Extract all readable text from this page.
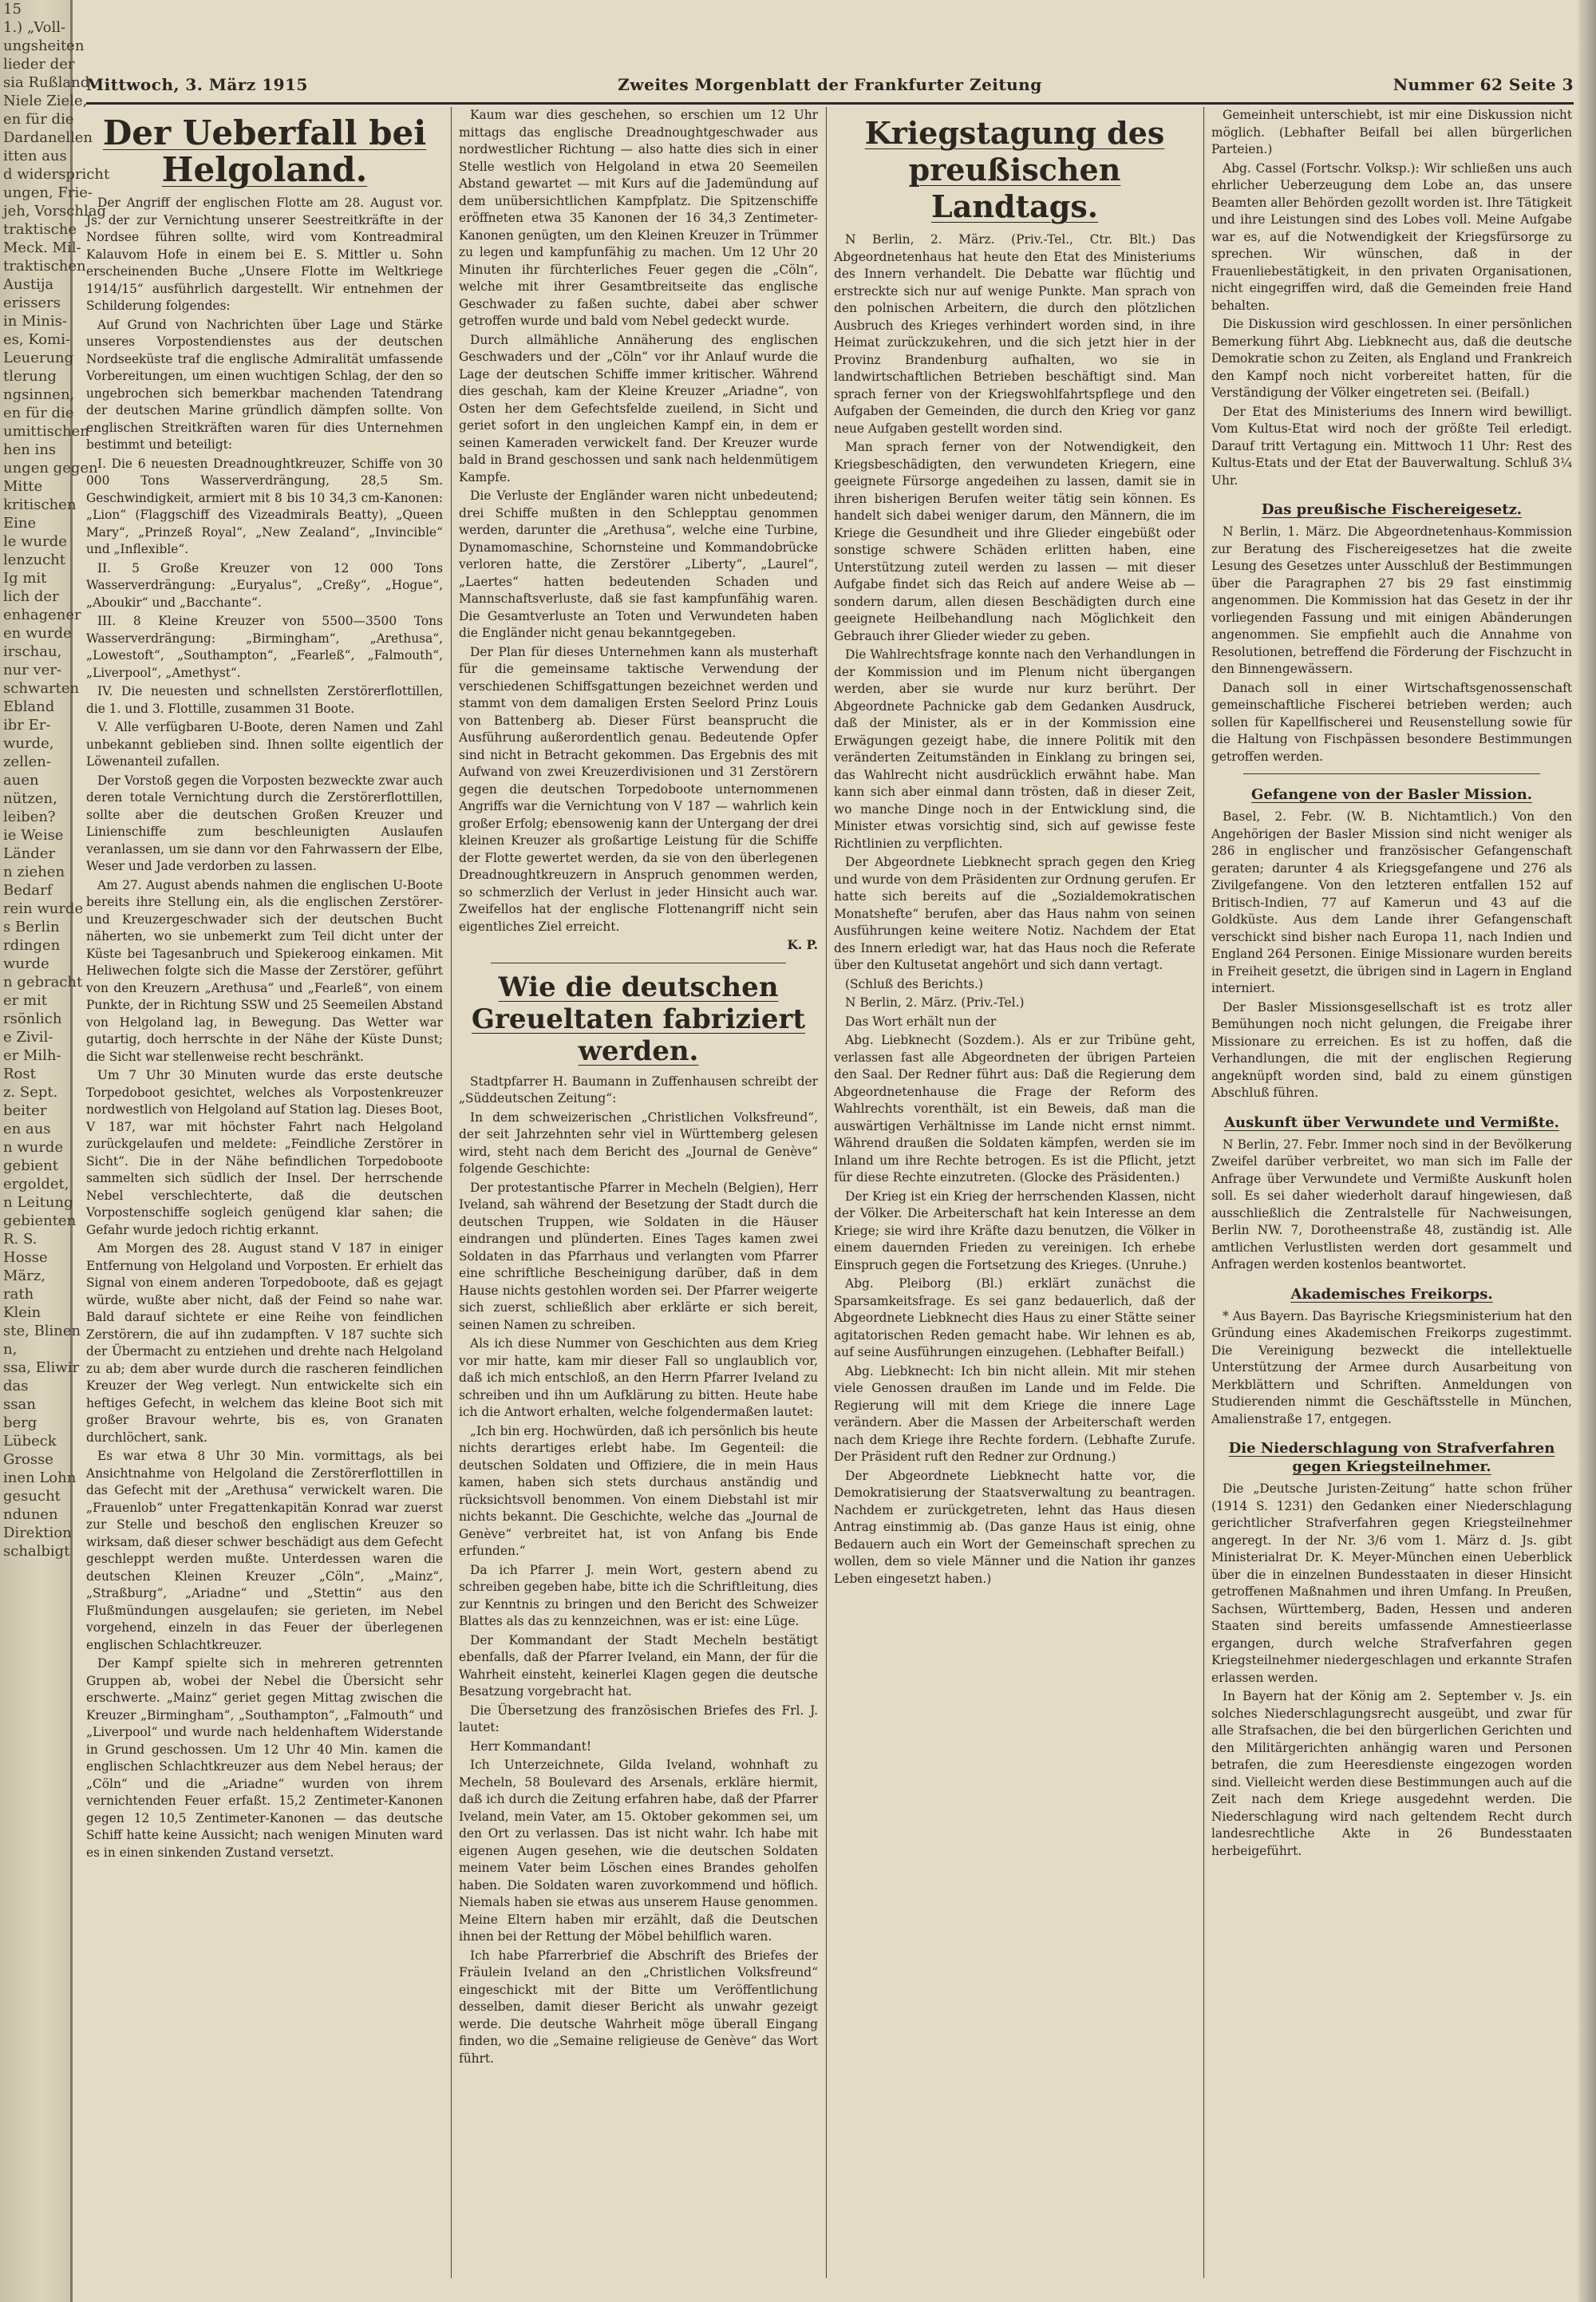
15
1.) „Voll-
ungsheiten
lieder der
sia Rußland
Niele Ziele,
en für die
Dardanellen
itten aus
d widerspricht
ungen, Frie-
jeh, Vorschlag
traktische
Meck. Mil-
traktischen
Austija
erissers
in Minis-
es, Komi-
Leuerung
tlerung
ngsinnen,
en für die
umittischen
hen ins
ungen gegen
Mitte
kritischen
Eine
le wurde
lenzucht
Ig mit
lich der
enhagener
en wurde
irschau,
nur ver-
schwarten
Ebland
ibr Er-
wurde,
zellen-
auen
nützen,
leiben?
ie Weise
Länder
n ziehen
Bedarf
rein wurde
s Berlin
rdingen
wurde
n gebracht
er mit
rsönlich
e Zivil-
er Milh-
Rost
z. Sept.
beiter
en aus
n wurde
gebient
ergoldet,
n Leitung
gebienten
R. S.
Hosse
März,
rath
Klein
ste, Blinen
n,
ssa, Eliwir
das
ssan
berg
Lübeck
Grosse
inen Lohn
gesucht
ndunen
Direktion
schalbigt
Mittwoch, 3. März 1915	Zweites Morgenblatt der Frankfurter Zeitung	Nummer 62 Seite 3
Der Ueberfall bei Helgoland.

Der Angriff der englischen Flotte am 28. August vor. Js. der zur Vernichtung unserer Seestreitkräfte in der Nordsee führen sollte, wird vom Kontreadmiral Kalauvom Hofe in einem bei E. S. Mittler u. Sohn erscheinenden Buche „Unsere Flotte im Weltkriege 1914/15“ ausführlich dargestellt. Wir entnehmen der Schilderung folgendes:

Auf Grund von Nachrichten über Lage und Stärke unseres Vorpostendienstes aus der deutschen Nordseeküste traf die englische Admiralität umfassende Vorbereitungen, um einen wuchtigen Schlag, der den so ungebrochen sich bemerkbar machenden Tatendrang der deutschen Marine gründlich dämpfen sollte. Von englischen Streitkräften waren für dies Unternehmen bestimmt und beteiligt:

I. Die 6 neuesten Dreadnoughtkreuzer, Schiffe von 30 000 Tons Wasserverdrängung, 28,5 Sm. Geschwindigkeit, armiert mit 8 bis 10 34,3 cm-Kanonen: „Lion“ (Flaggschiff des Vizeadmirals Beatty), „Queen Mary“, „Prinzeß Royal“, „New Zealand“, „Invincible“ und „Inflexible“.

II. 5 Große Kreuzer von 12 000 Tons Wasserverdrängung: „Euryalus“, „Creßy“, „Hogue“, „Aboukir“ und „Bacchante“.

III. 8 Kleine Kreuzer von 5500—3500 Tons Wasserverdrängung: „Birmingham“, „Arethusa“, „Lowestoft“, „Southampton“, „Fearleß“, „Falmouth“, „Liverpool“, „Amethyst“.

IV. Die neuesten und schnellsten Zerstörerflottillen, die 1. und 3. Flottille, zusammen 31 Boote.

V. Alle verfügbaren U-Boote, deren Namen und Zahl unbekannt geblieben sind. Ihnen sollte eigentlich der Löwenanteil zufallen.

Der Vorstoß gegen die Vorposten bezweckte zwar auch deren totale Vernichtung durch die Zerstörerflottillen, sollte aber die deutschen Großen Kreuzer und Linienschiffe zum beschleunigten Auslaufen veranlassen, um sie dann vor den Fahrwassern der Elbe, Weser und Jade verdorben zu lassen.

Am 27. August abends nahmen die englischen U-Boote bereits ihre Stellung ein, als die englischen Zerstörer- und Kreuzergeschwader sich der deutschen Bucht näherten, wo sie unbemerkt zum Teil dicht unter der Küste bei Tagesanbruch und Spiekeroog einkamen. Mit Heliwechen folgte sich die Masse der Zerstörer, geführt von den Kreuzern „Arethusa“ und „Fearleß“, von einem Punkte, der in Richtung SSW und 25 Seemeilen Abstand von Helgoland lag, in Bewegung. Das Wetter war gutartig, doch herrschte in der Nähe der Küste Dunst; die Sicht war stellenweise recht beschränkt.

Um 7 Uhr 30 Minuten wurde das erste deutsche Torpedoboot gesichtet, welches als Vorpostenkreuzer nordwestlich von Helgoland auf Station lag. Dieses Boot, V 187, war mit höchster Fahrt nach Helgoland zurückgelaufen und meldete: „Feindliche Zerstörer in Sicht“. Die in der Nähe befindlichen Torpedoboote sammelten sich südlich der Insel. Der herrschende Nebel verschlechterte, daß die deutschen Vorpostenschiffe sogleich genügend klar sahen; die Gefahr wurde jedoch richtig erkannt.

Am Morgen des 28. August stand V 187 in einiger Entfernung von Helgoland und Vorposten. Er erhielt das Signal von einem anderen Torpedoboote, daß es gejagt würde, wußte aber nicht, daß der Feind so nahe war. Bald darauf sichtete er eine Reihe von feindlichen Zerstörern, die auf ihn zudampften. V 187 suchte sich der Übermacht zu entziehen und drehte nach Helgoland zu ab; dem aber wurde durch die rascheren feindlichen Kreuzer der Weg verlegt. Nun entwickelte sich ein heftiges Gefecht, in welchem das kleine Boot sich mit großer Bravour wehrte, bis es, von Granaten durchlöchert, sank.

Es war etwa 8 Uhr 30 Min. vormittags, als bei Ansichtnahme von Helgoland die Zerstörerflottillen in das Gefecht mit der „Arethusa“ verwickelt waren. Die „Frauenlob“ unter Fregattenkapitän Konrad war zuerst zur Stelle und beschoß den englischen Kreuzer so wirksam, daß dieser schwer beschädigt aus dem Gefecht geschleppt werden mußte. Unterdessen waren die deutschen Kleinen Kreuzer „Cöln“, „Mainz“, „Straßburg“, „Ariadne“ und „Stettin“ aus den Flußmündungen ausgelaufen; sie gerieten, im Nebel vorgehend, einzeln in das Feuer der überlegenen englischen Schlachtkreuzer.

Der Kampf spielte sich in mehreren getrennten Gruppen ab, wobei der Nebel die Übersicht sehr erschwerte. „Mainz“ geriet gegen Mittag zwischen die Kreuzer „Birmingham“, „Southampton“, „Falmouth“ und „Liverpool“ und wurde nach heldenhaftem Widerstande in Grund geschossen. Um 12 Uhr 40 Min. kamen die englischen Schlachtkreuzer aus dem Nebel heraus; der „Cöln“ und die „Ariadne“ wurden von ihrem vernichtenden Feuer erfaßt. 15,2 Zentimeter-Kanonen gegen 12 10,5 Zentimeter-Kanonen — das deutsche Schiff hatte keine Aussicht; nach wenigen Minuten ward es in einen sinkenden Zustand versetzt.

Kaum war dies geschehen, so erschien um 12 Uhr mittags das englische Dreadnoughtgeschwader aus nordwestlicher Richtung — also hatte dies sich in einer Stelle westlich von Helgoland in etwa 20 Seemeilen Abstand gewartet — mit Kurs auf die Jademündung auf dem unübersichtlichen Kampfplatz. Die Spitzenschiffe eröffneten etwa 35 Kanonen der 16 34,3 Zentimeter-Kanonen genügten, um den Kleinen Kreuzer in Trümmer zu legen und kampfunfähig zu machen. Um 12 Uhr 20 Minuten ihr fürchterliches Feuer gegen die „Cöln“, welche mit ihrer Gesamtbreitseite das englische Geschwader zu faßen suchte, dabei aber schwer getroffen wurde und bald vom Nebel gedeckt wurde.

Durch allmähliche Annäherung des englischen Geschwaders und der „Cöln“ vor ihr Anlauf wurde die Lage der deutschen Schiffe immer kritischer. Während dies geschah, kam der Kleine Kreuzer „Ariadne“, von Osten her dem Gefechtsfelde zueilend, in Sicht und geriet sofort in den ungleichen Kampf ein, in dem er seinen Kameraden verwickelt fand. Der Kreuzer wurde bald in Brand geschossen und sank nach heldenmütigem Kampfe.

Die Verluste der Engländer waren nicht unbedeutend; drei Schiffe mußten in den Schlepptau genommen werden, darunter die „Arethusa“, welche eine Turbine, Dynamomaschine, Schornsteine und Kommandobrücke verloren hatte, die Zerstörer „Liberty“, „Laurel“, „Laertes“ hatten bedeutenden Schaden und Mannschaftsverluste, daß sie fast kampfunfähig waren. Die Gesamtverluste an Toten und Verwundeten haben die Engländer nicht genau bekanntgegeben.

Der Plan für dieses Unternehmen kann als musterhaft für die gemeinsame taktische Verwendung der verschiedenen Schiffsgattungen bezeichnet werden und stammt von dem damaligen Ersten Seelord Prinz Louis von Battenberg ab. Dieser Fürst beansprucht die Ausführung außerordentlich genau. Bedeutende Opfer sind nicht in Betracht gekommen. Das Ergebnis des mit Aufwand von zwei Kreuzerdivisionen und 31 Zerstörern gegen die deutschen Torpedoboote unternommenen Angriffs war die Vernichtung von V 187 — wahrlich kein großer Erfolg; ebensowenig kann der Untergang der drei kleinen Kreuzer als großartige Leistung für die Schiffe der Flotte gewertet werden, da sie von den überlegenen Dreadnoughtkreuzern in Anspruch genommen werden, so schmerzlich der Verlust in jeder Hinsicht auch war. Zweifellos hat der englische Flottenangriff nicht sein eigentliches Ziel erreicht.

K. P.

Wie die deutschen Greueltaten fabriziert werden.

Stadtpfarrer H. Baumann in Zuffenhausen schreibt der „Süddeutschen Zeitung“:

In dem schweizerischen „Christlichen Volksfreund“, der seit Jahrzehnten sehr viel in Württemberg gelesen wird, steht nach dem Bericht des „Journal de Genève“ folgende Geschichte:

Der protestantische Pfarrer in Mecheln (Belgien), Herr Iveland, sah während der Besetzung der Stadt durch die deutschen Truppen, wie Soldaten in die Häuser eindrangen und plünderten. Eines Tages kamen zwei Soldaten in das Pfarrhaus und verlangten vom Pfarrer eine schriftliche Bescheinigung darüber, daß in dem Hause nichts gestohlen worden sei. Der Pfarrer weigerte sich zuerst, schließlich aber erklärte er sich bereit, seinen Namen zu schreiben.

Als ich diese Nummer von Geschichten aus dem Krieg vor mir hatte, kam mir dieser Fall so unglaublich vor, daß ich mich entschloß, an den Herrn Pfarrer Iveland zu schreiben und ihn um Aufklärung zu bitten. Heute habe ich die Antwort erhalten, welche folgendermaßen lautet:

„Ich bin erg. Hochwürden, daß ich persönlich bis heute nichts derartiges erlebt habe. Im Gegenteil: die deutschen Soldaten und Offiziere, die in mein Haus kamen, haben sich stets durchaus anständig und rücksichtsvoll benommen. Von einem Diebstahl ist mir nichts bekannt. Die Geschichte, welche das „Journal de Genève“ verbreitet hat, ist von Anfang bis Ende erfunden.“

Da ich Pfarrer J. mein Wort, gestern abend zu schreiben gegeben habe, bitte ich die Schriftleitung, dies zur Kenntnis zu bringen und den Bericht des Schweizer Blattes als das zu kennzeichnen, was er ist: eine Lüge.

Der Kommandant der Stadt Mecheln bestätigt ebenfalls, daß der Pfarrer Iveland, ein Mann, der für die Wahrheit einsteht, keinerlei Klagen gegen die deutsche Besatzung vorgebracht hat.

Die Übersetzung des französischen Briefes des Frl. J. lautet:

Herr Kommandant!

Ich Unterzeichnete, Gilda Iveland, wohnhaft zu Mecheln, 58 Boulevard des Arsenals, erkläre hiermit, daß ich durch die Zeitung erfahren habe, daß der Pfarrer Iveland, mein Vater, am 15. Oktober gekommen sei, um den Ort zu verlassen. Das ist nicht wahr. Ich habe mit eigenen Augen gesehen, wie die deutschen Soldaten meinem Vater beim Löschen eines Brandes geholfen haben. Die Soldaten waren zuvorkommend und höflich. Niemals haben sie etwas aus unserem Hause genommen. Meine Eltern haben mir erzählt, daß die Deutschen ihnen bei der Rettung der Möbel behilflich waren.

Ich habe Pfarrerbrief die Abschrift des Briefes der Fräulein Iveland an den „Christlichen Volksfreund“ eingeschickt mit der Bitte um Veröffentlichung desselben, damit dieser Bericht als unwahr gezeigt werde. Die deutsche Wahrheit möge überall Eingang finden, wo die „Semaine religieuse de Genève“ das Wort führt.

Kriegstagung des preußischen Landtags.

N Berlin, 2. März. (Priv.-Tel., Ctr. Blt.) Das Abgeordnetenhaus hat heute den Etat des Ministeriums des Innern verhandelt. Die Debatte war flüchtig und erstreckte sich nur auf wenige Punkte. Man sprach von den polnischen Arbeitern, die durch den plötzlichen Ausbruch des Krieges verhindert worden sind, in ihre Heimat zurückzukehren, und die sich jetzt hier in der Provinz Brandenburg aufhalten, wo sie in landwirtschaftlichen Betrieben beschäftigt sind. Man sprach ferner von der Kriegswohlfahrtspflege und den Aufgaben der Gemeinden, die durch den Krieg vor ganz neue Aufgaben gestellt worden sind.

Man sprach ferner von der Notwendigkeit, den Kriegsbeschädigten, den verwundeten Kriegern, eine geeignete Fürsorge angedeihen zu lassen, damit sie in ihren bisherigen Berufen weiter tätig sein können. Es handelt sich dabei weniger darum, den Männern, die im Kriege die Gesundheit und ihre Glieder eingebüßt oder sonstige schwere Schäden erlitten haben, eine Unterstützung zuteil werden zu lassen — mit dieser Aufgabe findet sich das Reich auf andere Weise ab — sondern darum, allen diesen Beschädigten durch eine geeignete Heilbehandlung nach Möglichkeit den Gebrauch ihrer Glieder wieder zu geben.

Die Wahlrechtsfrage konnte nach den Verhandlungen in der Kommission und im Plenum nicht übergangen werden, aber sie wurde nur kurz berührt. Der Abgeordnete Pachnicke gab dem Gedanken Ausdruck, daß der Minister, als er in der Kommission eine Erwägungen gezeigt habe, die innere Politik mit den veränderten Zeitumständen in Einklang zu bringen sei, das Wahlrecht nicht ausdrücklich erwähnt habe. Man kann sich aber einmal dann trösten, daß in dieser Zeit, wo manche Dinge noch in der Entwicklung sind, die Minister etwas vorsichtig sind, sich auf gewisse feste Richtlinien zu verpflichten.

Der Abgeordnete Liebknecht sprach gegen den Krieg und wurde von dem Präsidenten zur Ordnung gerufen. Er hatte sich bereits auf die „Sozialdemokratischen Monatshefte“ berufen, aber das Haus nahm von seinen Ausführungen keine weitere Notiz. Nachdem der Etat des Innern erledigt war, hat das Haus noch die Referate über den Kultusetat angehört und sich dann vertagt.

(Schluß des Berichts.)

N Berlin, 2. März. (Priv.-Tel.)

Das Wort erhält nun der

Abg. Liebknecht (Sozdem.). Als er zur Tribüne geht, verlassen fast alle Abgeordneten der übrigen Parteien den Saal. Der Redner führt aus: Daß die Regierung dem Abgeordnetenhause die Frage der Reform des Wahlrechts vorenthält, ist ein Beweis, daß man die auswärtigen Verhältnisse im Lande nicht ernst nimmt. Während draußen die Soldaten kämpfen, werden sie im Inland um ihre Rechte betrogen. Es ist die Pflicht, jetzt für diese Rechte einzutreten. (Glocke des Präsidenten.)

Der Krieg ist ein Krieg der herrschenden Klassen, nicht der Völker. Die Arbeiterschaft hat kein Interesse an dem Kriege; sie wird ihre Kräfte dazu benutzen, die Völker in einem dauernden Frieden zu vereinigen. Ich erhebe Einspruch gegen die Fortsetzung des Krieges. (Unruhe.)

Abg. Pleiborg (Bl.) erklärt zunächst die Sparsamkeitsfrage. Es sei ganz bedauerlich, daß der Abgeordnete Liebknecht dies Haus zu einer Stätte seiner agitatorischen Reden gemacht habe. Wir lehnen es ab, auf seine Ausführungen einzugehen. (Lebhafter Beifall.)

Abg. Liebknecht: Ich bin nicht allein. Mit mir stehen viele Genossen draußen im Lande und im Felde. Die Regierung will mit dem Kriege die innere Lage verändern. Aber die Massen der Arbeiterschaft werden nach dem Kriege ihre Rechte fordern. (Lebhafte Zurufe. Der Präsident ruft den Redner zur Ordnung.)

Der Abgeordnete Liebknecht hatte vor, die Demokratisierung der Staatsverwaltung zu beantragen. Nachdem er zurückgetreten, lehnt das Haus diesen Antrag einstimmig ab. (Das ganze Haus ist einig, ohne Bedauern auch ein Wort der Gemeinschaft sprechen zu wollen, dem so viele Männer und die Nation ihr ganzes Leben eingesetzt haben.)

Gemeinheit unterschiebt, ist mir eine Diskussion nicht möglich. (Lebhafter Beifall bei allen bürgerlichen Parteien.)

Abg. Cassel (Fortschr. Volksp.): Wir schließen uns auch ehrlicher Ueberzeugung dem Lobe an, das unsere Beamten aller Behörden gezollt worden ist. Ihre Tätigkeit und ihre Leistungen sind des Lobes voll. Meine Aufgabe war es, auf die Notwendigkeit der Kriegsfürsorge zu sprechen. Wir wünschen, daß in der Frauenliebestätigkeit, in den privaten Organisationen, nicht eingegriffen wird, daß die Gemeinden freie Hand behalten.

Die Diskussion wird geschlossen. In einer persönlichen Bemerkung führt Abg. Liebknecht aus, daß die deutsche Demokratie schon zu Zeiten, als England und Frankreich den Kampf noch nicht vorbereitet hatten, für die Verständigung der Völker eingetreten sei. (Beifall.)

Der Etat des Ministeriums des Innern wird bewilligt. Vom Kultus-Etat wird noch der größte Teil erledigt. Darauf tritt Vertagung ein. Mittwoch 11 Uhr: Rest des Kultus-Etats und der Etat der Bauverwaltung. Schluß 3¼ Uhr.

Das preußische Fischereigesetz.

N Berlin, 1. März. Die Abgeordnetenhaus-Kommission zur Beratung des Fischereigesetzes hat die zweite Lesung des Gesetzes unter Ausschluß der Bestimmungen über die Paragraphen 27 bis 29 fast einstimmig angenommen. Die Kommission hat das Gesetz in der ihr vorliegenden Fassung und mit einigen Abänderungen angenommen. Sie empfiehlt auch die Annahme von Resolutionen, betreffend die Förderung der Fischzucht in den Binnengewässern.

Danach soll in einer Wirtschaftsgenossenschaft gemeinschaftliche Fischerei betrieben werden; auch sollen für Kapellfischerei und Reusenstellung sowie für die Haltung von Fischpässen besondere Bestimmungen getroffen werden.

Gefangene von der Basler Mission.

Basel, 2. Febr. (W. B. Nichtamtlich.) Von den Angehörigen der Basler Mission sind nicht weniger als 286 in englischer und französischer Gefangenschaft geraten; darunter 4 als Kriegsgefangene und 276 als Zivilgefangene. Von den letzteren entfallen 152 auf Britisch-Indien, 77 auf Kamerun und 43 auf die Goldküste. Aus dem Lande ihrer Gefangenschaft verschickt sind bisher nach Europa 11, nach Indien und England 264 Personen. Einige Missionare wurden bereits in Freiheit gesetzt, die übrigen sind in Lagern in England interniert.

Der Basler Missionsgesellschaft ist es trotz aller Bemühungen noch nicht gelungen, die Freigabe ihrer Missionare zu erreichen. Es ist zu hoffen, daß die Verhandlungen, die mit der englischen Regierung angeknüpft worden sind, bald zu einem günstigen Abschluß führen.

Auskunft über Verwundete und Vermißte.

N Berlin, 27. Febr. Immer noch sind in der Bevölkerung Zweifel darüber verbreitet, wo man sich im Falle der Anfrage über Verwundete und Vermißte Auskunft holen soll. Es sei daher wiederholt darauf hingewiesen, daß ausschließlich die Zentralstelle für Nachweisungen, Berlin NW. 7, Dorotheenstraße 48, zuständig ist. Alle amtlichen Verlustlisten werden dort gesammelt und Anfragen werden kostenlos beantwortet.

Akademisches Freikorps.

* Aus Bayern. Das Bayrische Kriegsministerium hat den Gründung eines Akademischen Freikorps zugestimmt. Die Vereinigung bezweckt die intellektuelle Unterstützung der Armee durch Ausarbeitung von Merkblättern und Schriften. Anmeldungen von Studierenden nimmt die Geschäftsstelle in München, Amalienstraße 17, entgegen.

Die Niederschlagung von Strafverfahren gegen Kriegsteilnehmer.

Die „Deutsche Juristen-Zeitung“ hatte schon früher (1914 S. 1231) den Gedanken einer Niederschlagung gerichtlicher Strafverfahren gegen Kriegsteilnehmer angeregt. In der Nr. 3/6 vom 1. März d. Js. gibt Ministerialrat Dr. K. Meyer-München einen Ueberblick über die in einzelnen Bundesstaaten in dieser Hinsicht getroffenen Maßnahmen und ihren Umfang. In Preußen, Sachsen, Württemberg, Baden, Hessen und anderen Staaten sind bereits umfassende Amnestieerlasse ergangen, durch welche Strafverfahren gegen Kriegsteilnehmer niedergeschlagen und erkannte Strafen erlassen werden.

In Bayern hat der König am 2. September v. Js. ein solches Niederschlagungsrecht ausgeübt, und zwar für alle Strafsachen, die bei den bürgerlichen Gerichten und den Militärgerichten anhängig waren und Personen betrafen, die zum Heeresdienste eingezogen worden sind. Vielleicht werden diese Bestimmungen auch auf die Zeit nach dem Kriege ausgedehnt werden. Die Niederschlagung wird nach geltendem Recht durch landesrechtliche Akte in 26 Bundesstaaten herbeigeführt.
